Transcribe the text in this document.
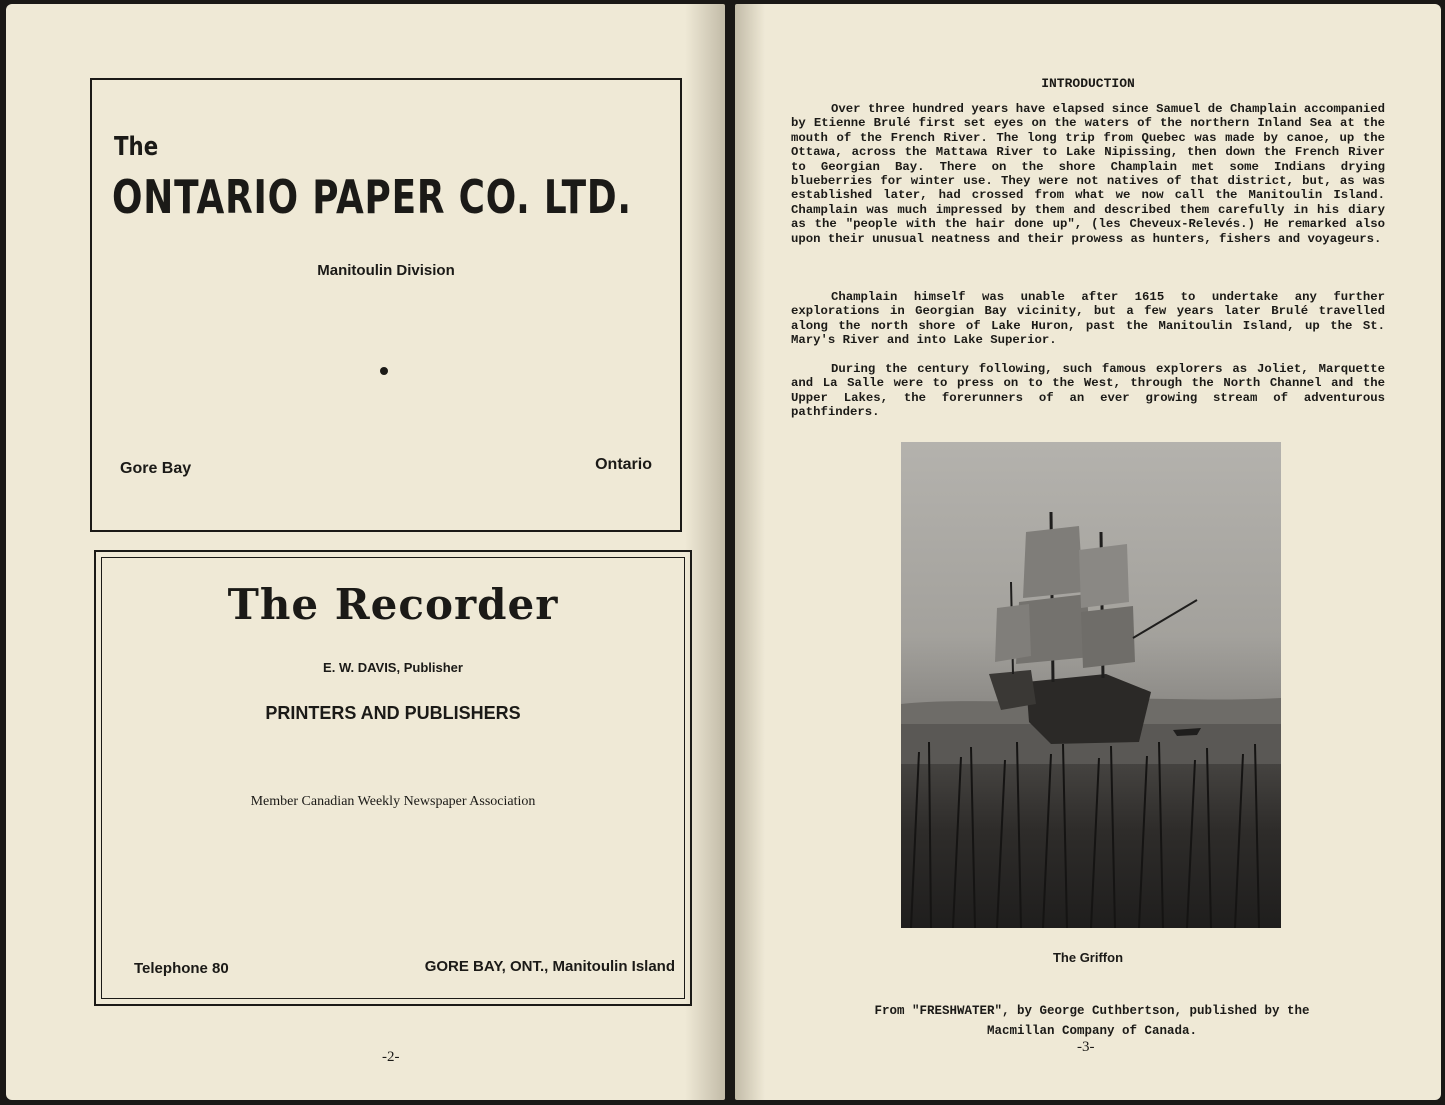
The
ONTARIO PAPER CO. LTD.
Manitoulin Division
Gore Bay	Ontario
The Recorder
E. W. DAVIS, Publisher
PRINTERS AND PUBLISHERS
Member Canadian Weekly Newspaper Association
Telephone 80	GORE BAY, ONT., Manitoulin Island
-2-
INTRODUCTION

Over three hundred years have elapsed since Samuel de Champlain accompanied by Etienne Brulé first set eyes on the waters of the northern Inland Sea at the mouth of the French River. The long trip from Quebec was made by canoe, up the Ottawa, across the Mattawa River to Lake Nipissing, then down the French River to Georgian Bay. There on the shore Champlain met some Indians drying blueberries for winter use. They were not natives of that district, but, as was established later, had crossed from what we now call the Manitoulin Island. Champlain was much impressed by them and described them carefully in his diary as the "people with the hair done up", (les Cheveux-Relevés.) He remarked also upon their unusual neatness and their prowess as hunters, fishers and voyageurs.

Champlain himself was unable after 1615 to undertake any further explorations in Georgian Bay vicinity, but a few years later Brulé travelled along the north shore of Lake Huron, past the Manitoulin Island, up the St. Mary's River and into Lake Superior.

During the century following, such famous explorers as Joliet, Marquette and La Salle were to press on to the West, through the North Channel and the Upper Lakes, the forerunners of an ever growing stream of adventurous pathfinders.

The Griffon
From "FRESHWATER", by George Cuthbertson, published by the
Macmillan Company of Canada.
-3-
